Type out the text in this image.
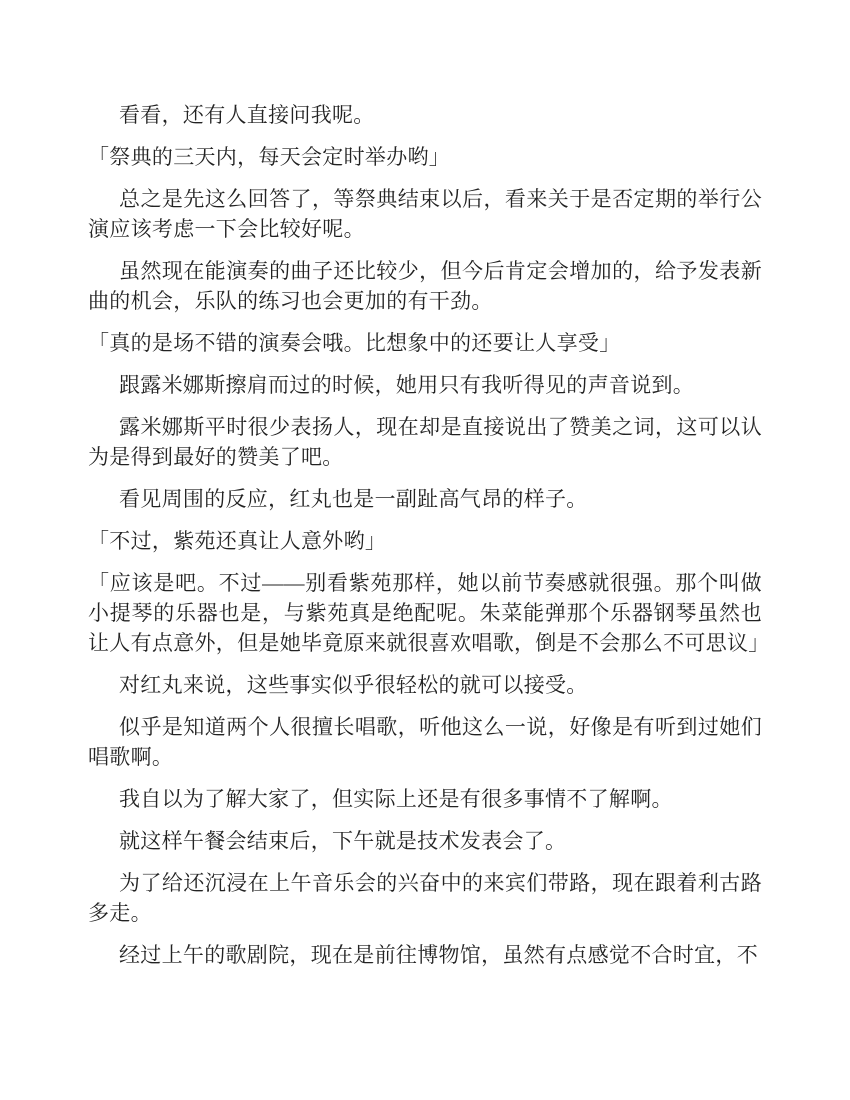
看看，还有人直接问我呢。

「祭典的三天内，每天会定时举办哟」

总之是先这么回答了，等祭典结束以后，看来关于是否定期的举行公演应该考虑一下会比较好呢。

虽然现在能演奏的曲子还比较少，但今后肯定会增加的，给予发表新曲的机会，乐队的练习也会更加的有干劲。

「真的是场不错的演奏会哦。比想象中的还要让人享受」

跟露米娜斯擦肩而过的时候，她用只有我听得见的声音说到。

露米娜斯平时很少表扬人，现在却是直接说出了赞美之词，这可以认为是得到最好的赞美了吧。

看见周围的反应，红丸也是一副趾高气昂的样子。

「不过，紫苑还真让人意外哟」

「应该是吧。不过——别看紫苑那样，她以前节奏感就很强。那个叫做小提琴的乐器也是，与紫苑真是绝配呢。朱菜能弹那个乐器钢琴虽然也让人有点意外，但是她毕竟原来就很喜欢唱歌，倒是不会那么不可思议」

对红丸来说，这些事实似乎很轻松的就可以接受。

似乎是知道两个人很擅长唱歌，听他这么一说，好像是有听到过她们唱歌啊。

我自以为了解大家了，但实际上还是有很多事情不了解啊。

就这样午餐会结束后，下午就是技术发表会了。

为了给还沉浸在上午音乐会的兴奋中的来宾们带路，现在跟着利古路多走。

经过上午的歌剧院，现在是前往博物馆，虽然有点感觉不合时宜，不
